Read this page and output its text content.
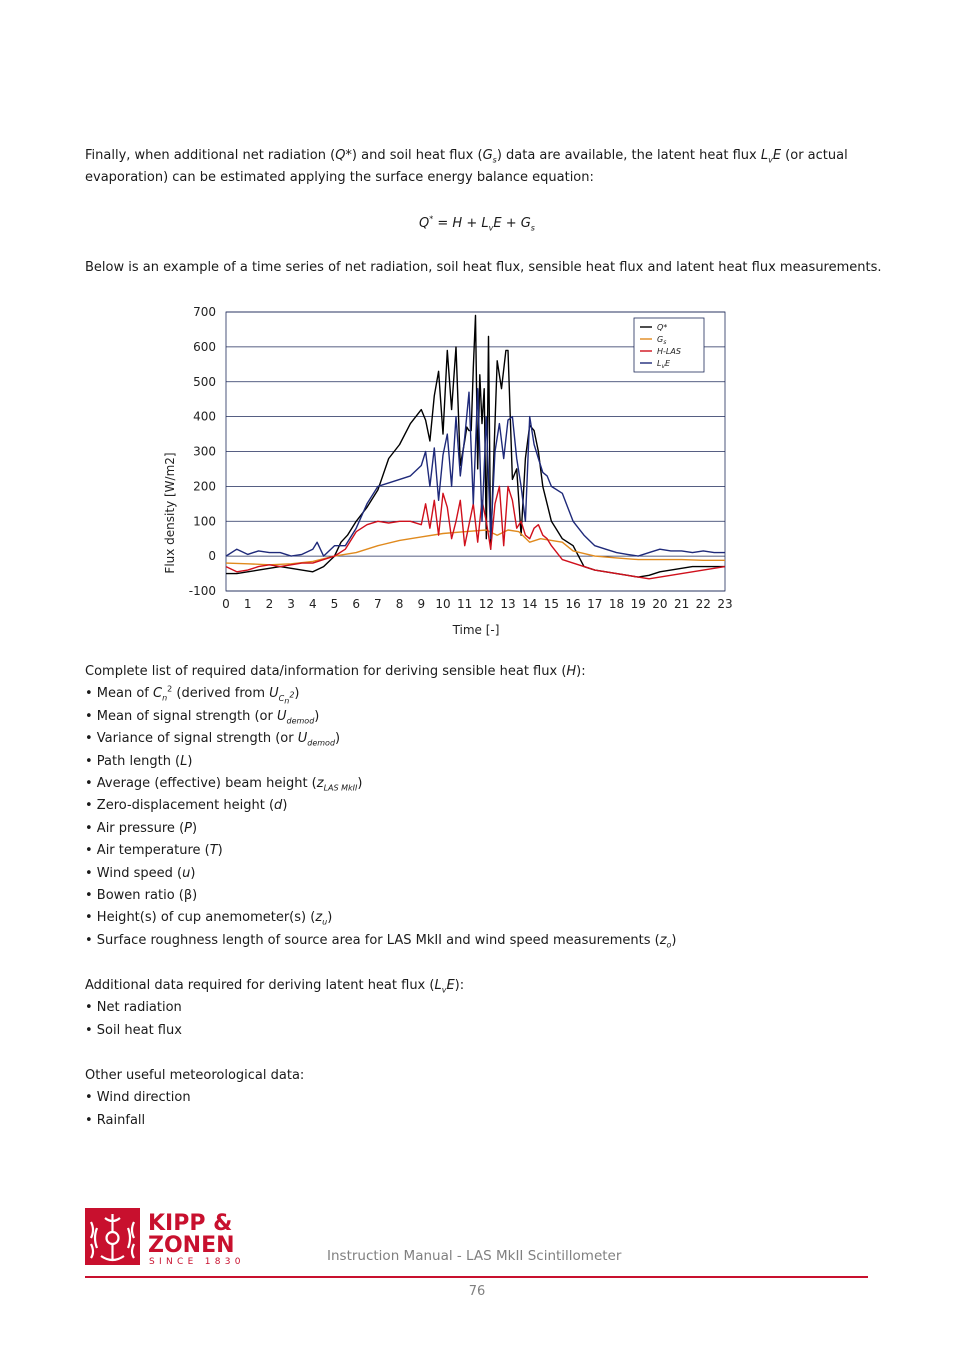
Finally, when additional net radiation (Q*) and soil heat flux $(G_s)$ data are available, the latent heat flux $L_vE$ (or actual evaporation) can be estimated applying the surface energy balance equation:
$Q^* = H + L_vE + G_s$
Below is an example of a time series of net radiation, soil heat flux, sensible heat flux and latent heat flux measurements.
Flux density [W/m2]
Time [-]
-100
0
100
200
300
400
500
600
700
0 1 2 3 4 5 6 7 8 9 10 11 12 13 14 15 16 17 18 19 20 21 22 23
Q*
$G_s$
H-LAS
$L_vE$
Complete list of required data/information for deriving sensible heat flux (H):
• Mean of $C_n^2$ (derived from $U_{C_n^2}$)
• Mean of signal strength (or $U_{demod}$)
• Variance of signal strength (or $U_{demod}$)
• Path length (L)
• Average (effective) beam height $(z_{LAS MkII})$
• Zero-displacement height (d)
• Air pressure (P)
• Air temperature (T)
• Wind speed (u)
• Bowen ratio (β)
• Height(s) of cup anemometer(s) $(z_u)$
• Surface roughness length of source area for LAS MkII and wind speed measurements $(z_o)$
Additional data required for deriving latent heat flux $(L_vE)$:
• Net radiation
• Soil heat flux
Other useful meteorological data:
• Wind direction
• Rainfall
KIPP &
ZONEN
SINCE 1830	Instruction Manual - LAS MkII Scintillometer
76
